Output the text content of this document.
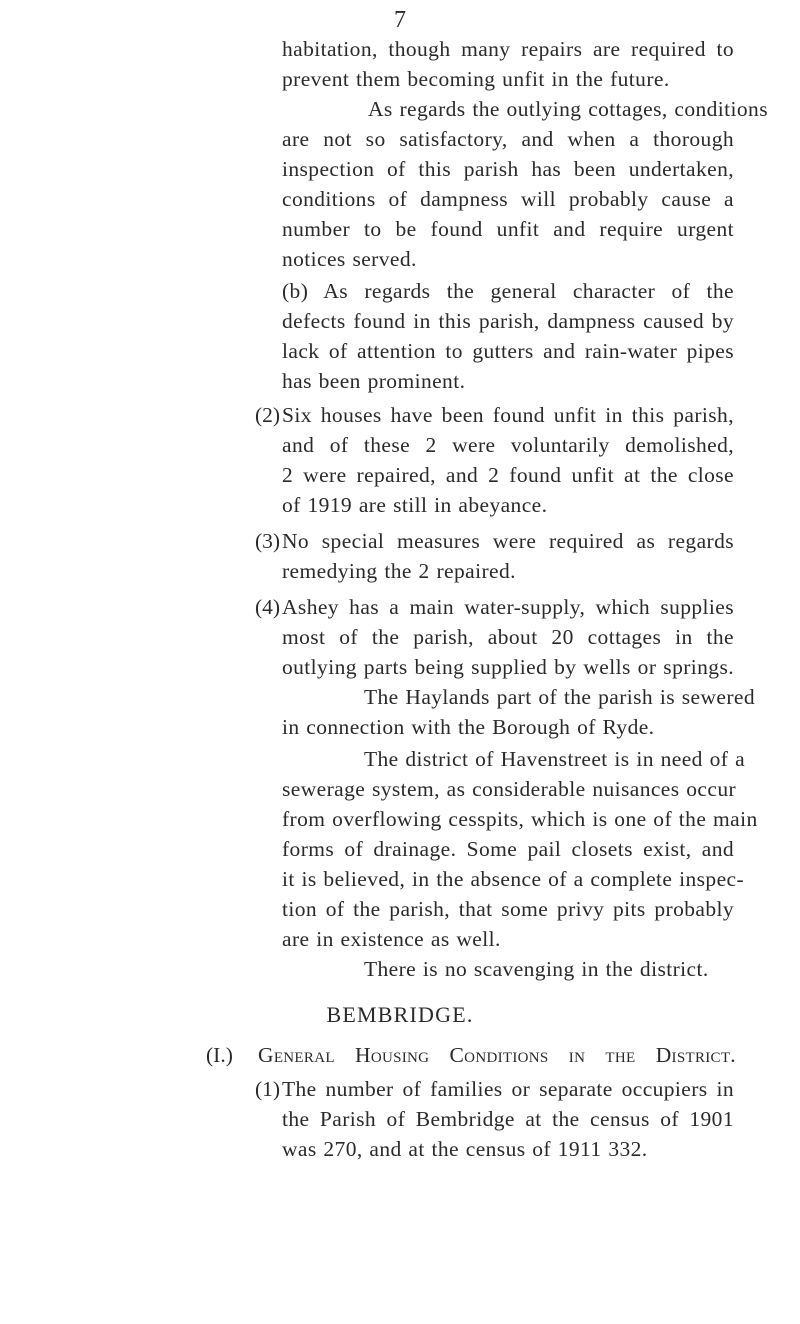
7
habitation, though many repairs are required to
prevent them becoming unfit in the future.
As regards the outlying cottages, conditions
are not so satisfactory, and when a thorough
inspection of this parish has been undertaken,
conditions of dampness will probably cause a
number to be found unfit and require urgent
notices served.
(b) As regards the general character of the
defects found in this parish, dampness caused by
lack of attention to gutters and rain-water pipes
has been prominent.
(2) Six houses have been found unfit in this parish,
and of these 2 were voluntarily demolished,
2 were repaired, and 2 found unfit at the close
of 1919 are still in abeyance.
(3) No special measures were required as regards
remedying the 2 repaired.
(4) Ashey has a main water-supply, which supplies
most of the parish, about 20 cottages in the
outlying parts being supplied by wells or springs.
The Haylands part of the parish is sewered
in connection with the Borough of Ryde.
The district of Havenstreet is in need of a
sewerage system, as considerable nuisances occur
from overflowing cesspits, which is one of the main
forms of drainage. Some pail closets exist, and
it is believed, in the absence of a complete inspec-
tion of the parish, that some privy pits probably
are in existence as well.
There is no scavenging in the district.
BEMBRIDGE.
(I.)	General Housing Conditions in the District.
(1) The number of families or separate occupiers in
the Parish of Bembridge at the census of 1901
was 270, and at the census of 1911 332.
